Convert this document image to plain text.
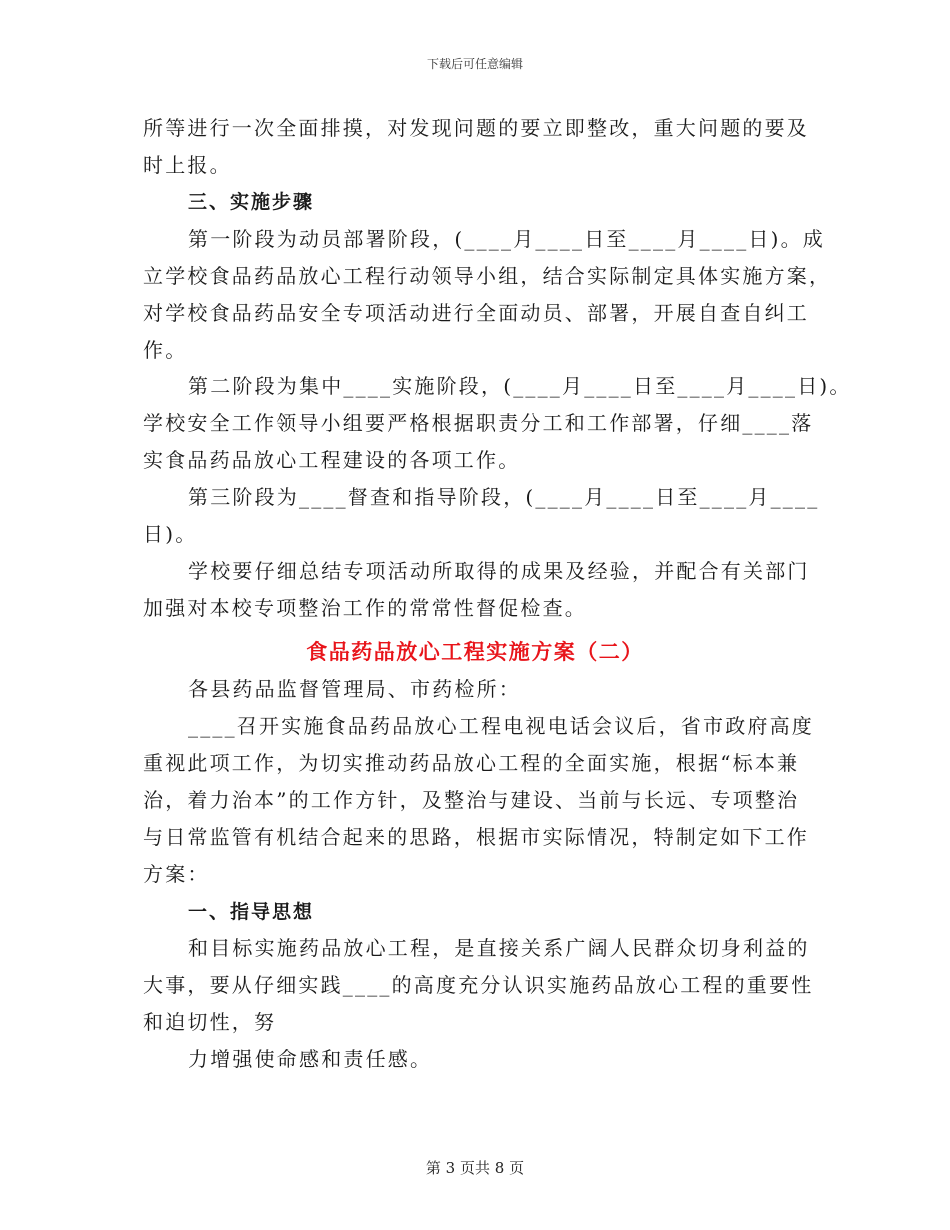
下载后可任意编辑
所等进行一次全面排摸，对发现问题的要立即整改，重大问题的要及
时上报。
三、实施步骤
第一阶段为动员部署阶段，(____月____日至____月____日)。成
立学校食品药品放心工程行动领导小组，结合实际制定具体实施方案，
对学校食品药品安全专项活动进行全面动员、部署，开展自查自纠工
作。
第二阶段为集中____实施阶段，(____月____日至____月____日)。
学校安全工作领导小组要严格根据职责分工和工作部署，仔细____落
实食品药品放心工程建设的各项工作。
第三阶段为____督查和指导阶段，(____月____日至____月____
日)。
学校要仔细总结专项活动所取得的成果及经验，并配合有关部门
加强对本校专项整治工作的常常性督促检查。
食品药品放心工程实施方案（二）
各县药品监督管理局、市药检所：
____召开实施食品药品放心工程电视电话会议后，省市政府高度
重视此项工作，为切实推动药品放心工程的全面实施，根据“标本兼
治，着力治本”的工作方针，及整治与建设、当前与长远、专项整治
与日常监管有机结合起来的思路，根据市实际情况，特制定如下工作
方案：
一、指导思想
和目标实施药品放心工程，是直接关系广阔人民群众切身利益的
大事，要从仔细实践____的高度充分认识实施药品放心工程的重要性
和迫切性，努
力增强使命感和责任感。
第 3 页共 8 页
